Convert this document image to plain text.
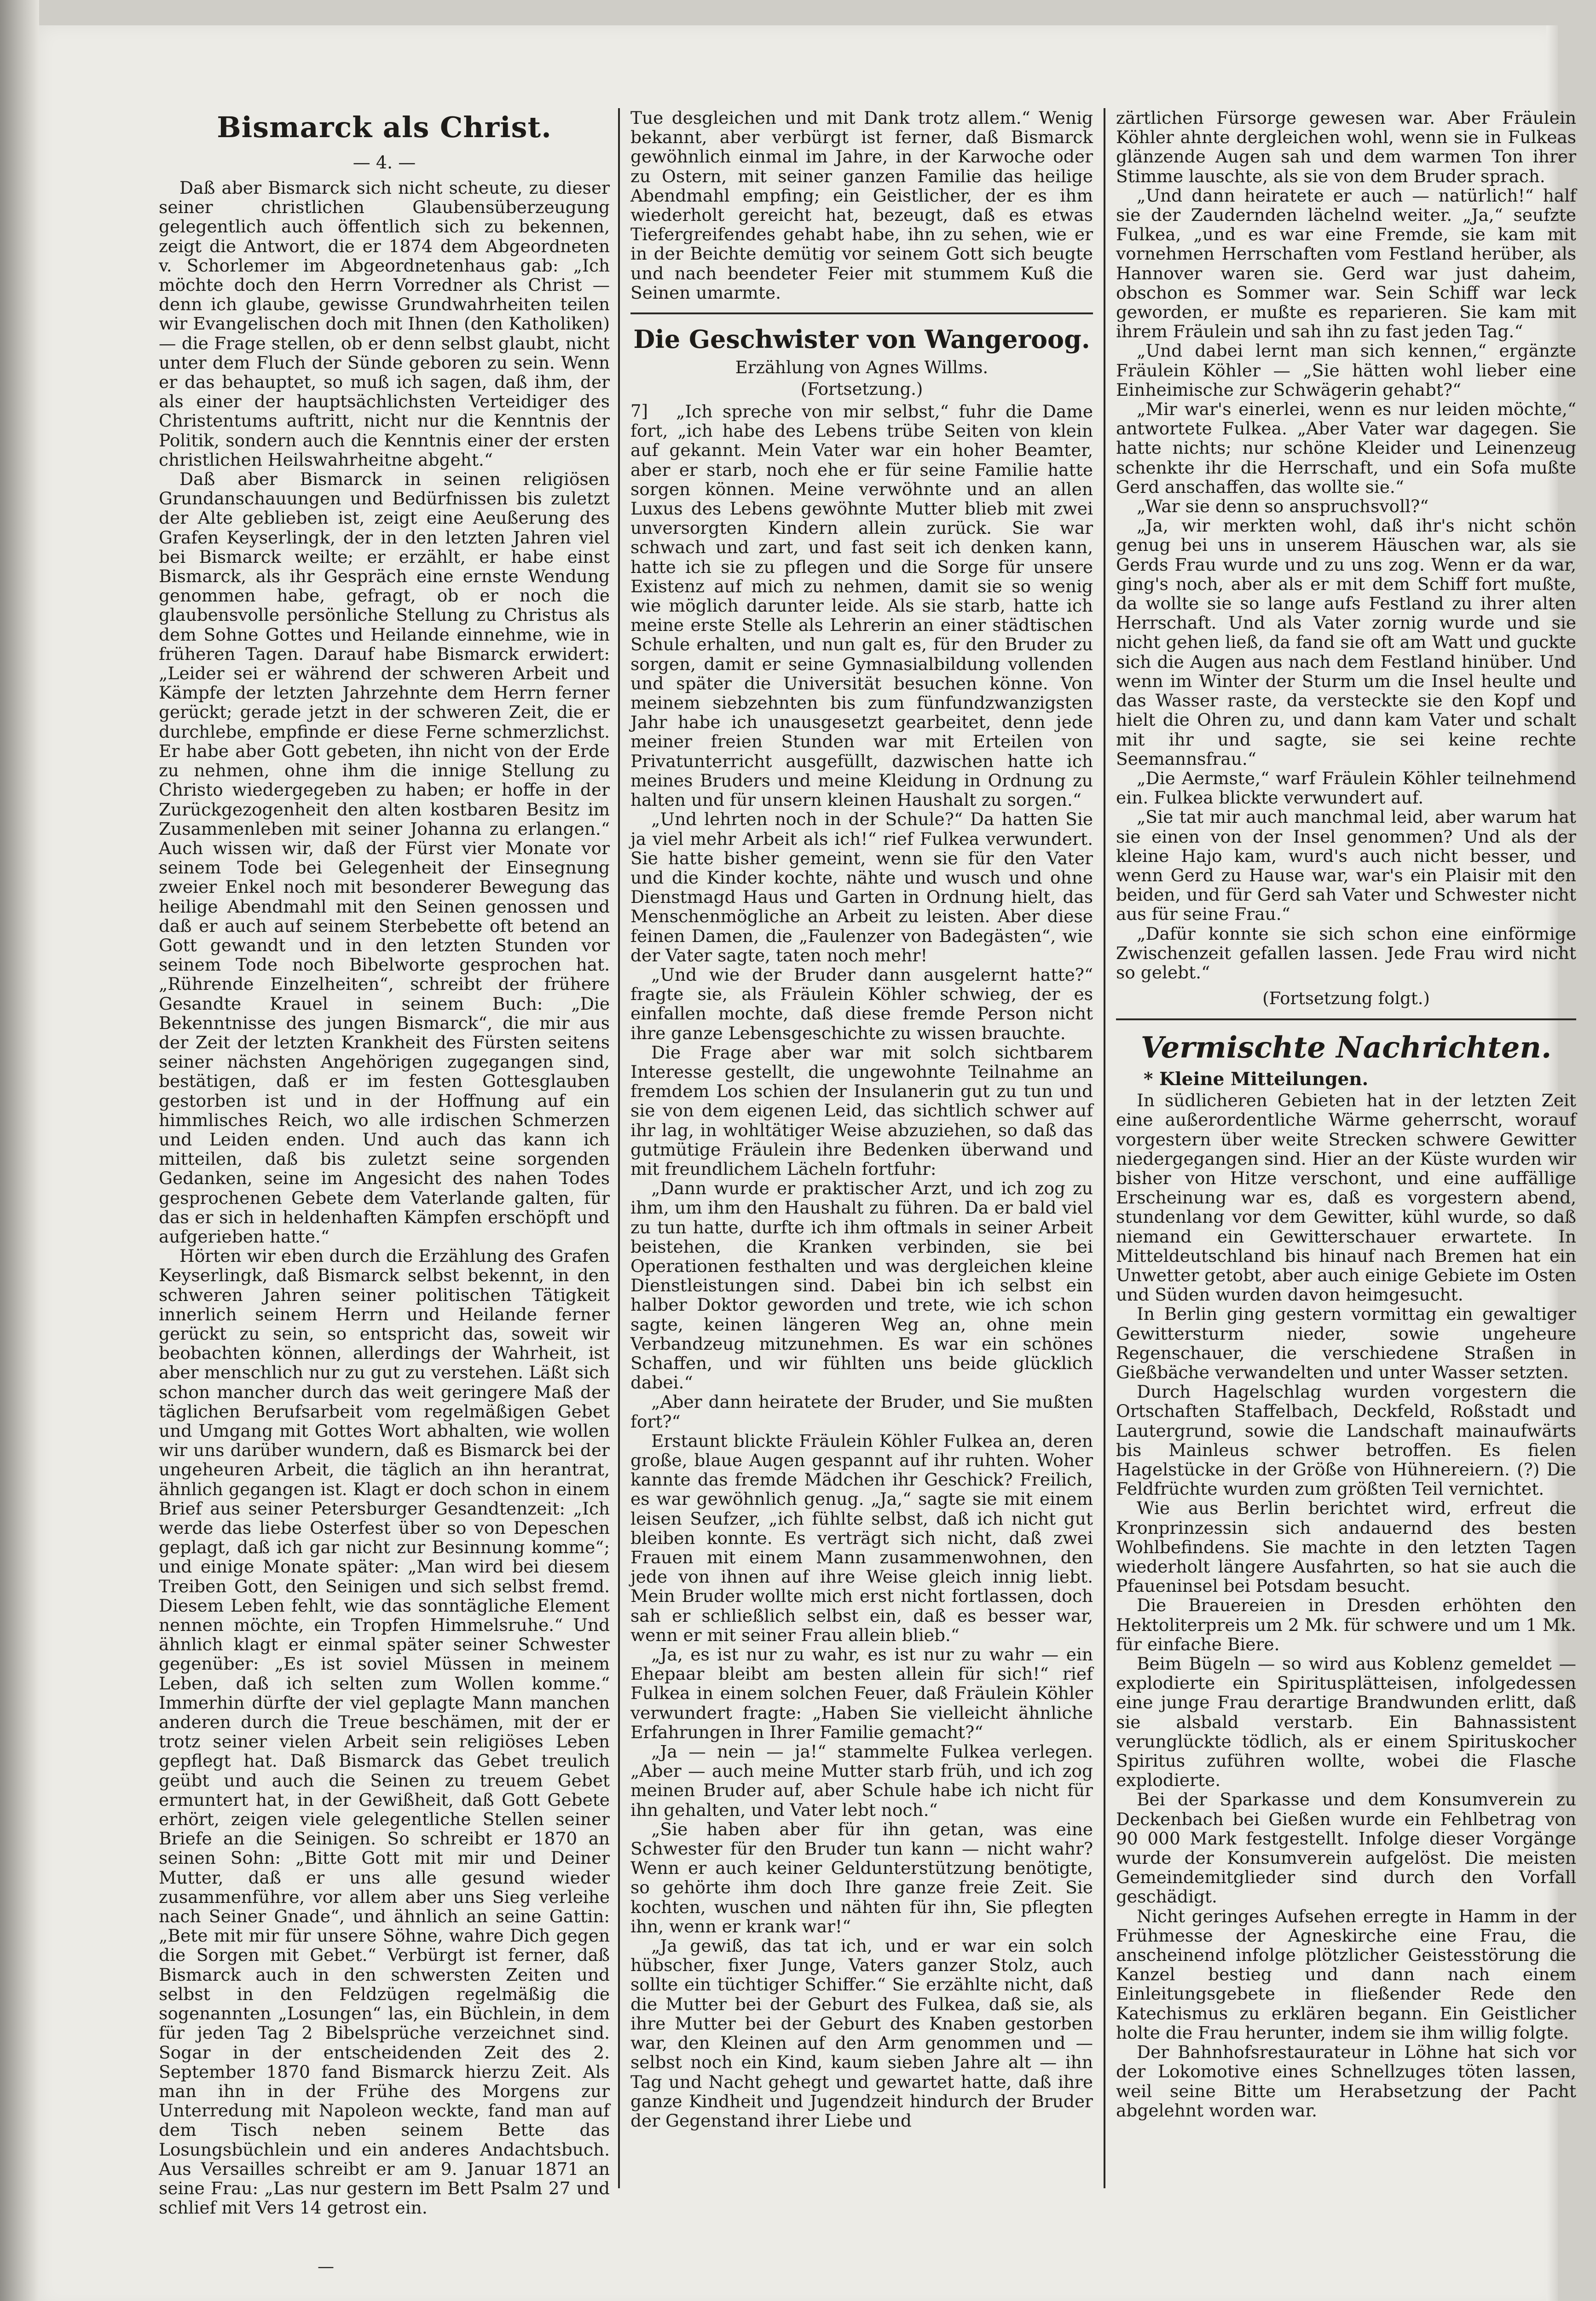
Bismarck als Christ.
— 4. —

Daß aber Bismarck sich nicht scheute, zu dieser seiner christlichen Glaubensüberzeugung gelegentlich auch öffentlich sich zu bekennen, zeigt die Antwort, die er 1874 dem Abgeordneten v. Schorlemer im Abgeordnetenhaus gab: „Ich möchte doch den Herrn Vorredner als Christ — denn ich glaube, gewisse Grundwahrheiten teilen wir Evangelischen doch mit Ihnen (den Katholiken) — die Frage stellen, ob er denn selbst glaubt, nicht unter dem Fluch der Sünde geboren zu sein. Wenn er das behauptet, so muß ich sagen, daß ihm, der als einer der hauptsächlichsten Verteidiger des Christentums auftritt, nicht nur die Kenntnis der Politik, sondern auch die Kenntnis einer der ersten christlichen Heilswahrheitne abgeht.“

Daß aber Bismarck in seinen religiösen Grundanschauungen und Bedürfnissen bis zuletzt der Alte geblieben ist, zeigt eine Aeußerung des Grafen Keyserlingk, der in den letzten Jahren viel bei Bismarck weilte; er erzählt, er habe einst Bismarck, als ihr Gespräch eine ernste Wendung genommen habe, gefragt, ob er noch die glaubensvolle persönliche Stellung zu Christus als dem Sohne Gottes und Heilande einnehme, wie in früheren Tagen. Darauf habe Bismarck erwidert: „Leider sei er während der schweren Arbeit und Kämpfe der letzten Jahrzehnte dem Herrn ferner gerückt; gerade jetzt in der schweren Zeit, die er durchlebe, empfinde er diese Ferne schmerzlichst. Er habe aber Gott gebeten, ihn nicht von der Erde zu nehmen, ohne ihm die innige Stellung zu Christo wiedergegeben zu haben; er hoffe in der Zurückgezogenheit den alten kostbaren Besitz im Zusammenleben mit seiner Johanna zu erlangen.“ Auch wissen wir, daß der Fürst vier Monate vor seinem Tode bei Gelegenheit der Einsegnung zweier Enkel noch mit besonderer Bewegung das heilige Abendmahl mit den Seinen genossen und daß er auch auf seinem Sterbebette oft betend an Gott gewandt und in den letzten Stunden vor seinem Tode noch Bibelworte gesprochen hat. „Rührende Einzelheiten“, schreibt der frühere Gesandte Krauel in seinem Buch: „Die Bekenntnisse des jungen Bismarck“, die mir aus der Zeit der letzten Krankheit des Fürsten seitens seiner nächsten Angehörigen zugegangen sind, bestätigen, daß er im festen Gottesglauben gestorben ist und in der Hoffnung auf ein himmlisches Reich, wo alle irdischen Schmerzen und Leiden enden. Und auch das kann ich mitteilen, daß bis zuletzt seine sorgenden Gedanken, seine im Angesicht des nahen Todes gesprochenen Gebete dem Vaterlande galten, für das er sich in heldenhaften Kämpfen erschöpft und aufgerieben hatte.“

Hörten wir eben durch die Erzählung des Grafen Keyserlingk, daß Bismarck selbst bekennt, in den schweren Jahren seiner politischen Tätigkeit innerlich seinem Herrn und Heilande ferner gerückt zu sein, so entspricht das, soweit wir beobachten können, allerdings der Wahrheit, ist aber menschlich nur zu gut zu verstehen. Läßt sich schon mancher durch das weit geringere Maß der täglichen Berufsarbeit vom regelmäßigen Gebet und Umgang mit Gottes Wort abhalten, wie wollen wir uns darüber wundern, daß es Bismarck bei der ungeheuren Arbeit, die täglich an ihn herantrat, ähnlich gegangen ist. Klagt er doch schon in einem Brief aus seiner Petersburger Gesandtenzeit: „Ich werde das liebe Osterfest über so von Depeschen geplagt, daß ich gar nicht zur Besinnung komme“; und einige Monate später: „Man wird bei diesem Treiben Gott, den Seinigen und sich selbst fremd. Diesem Leben fehlt, wie das sonntägliche Element nennen möchte, ein Tropfen Himmelsruhe.“ Und ähnlich klagt er einmal später seiner Schwester gegenüber: „Es ist soviel Müssen in meinem Leben, daß ich selten zum Wollen komme.“ Immerhin dürfte der viel geplagte Mann manchen anderen durch die Treue beschämen, mit der er trotz seiner vielen Arbeit sein religiöses Leben gepflegt hat. Daß Bismarck das Gebet treulich geübt und auch die Seinen zu treuem Gebet ermuntert hat, in der Gewißheit, daß Gott Gebete erhört, zeigen viele gelegentliche Stellen seiner Briefe an die Seinigen. So schreibt er 1870 an seinen Sohn: „Bitte Gott mit mir und Deiner Mutter, daß er uns alle gesund wieder zusammenführe, vor allem aber uns Sieg verleihe nach Seiner Gnade“, und ähnlich an seine Gattin: „Bete mit mir für unsere Söhne, wahre Dich gegen die Sorgen mit Gebet.“ Verbürgt ist ferner, daß Bismarck auch in den schwersten Zeiten und selbst in den Feldzügen regelmäßig die sogenannten „Losungen“ las, ein Büchlein, in dem für jeden Tag 2 Bibelsprüche verzeichnet sind. Sogar in der entscheidenden Zeit des 2. September 1870 fand Bismarck hierzu Zeit. Als man ihn in der Frühe des Morgens zur Unterredung mit Napoleon weckte, fand man auf dem Tisch neben seinem Bette das Losungsbüchlein und ein anderes Andachtsbuch. Aus Versailles schreibt er am 9. Januar 1871 an seine Frau: „Las nur gestern im Bett Psalm 27 und schlief mit Vers 14 getrost ein.

—

Tue desgleichen und mit Dank trotz allem.“ Wenig bekannt, aber verbürgt ist ferner, daß Bismarck gewöhnlich einmal im Jahre, in der Karwoche oder zu Ostern, mit seiner ganzen Familie das heilige Abendmahl empfing; ein Geistlicher, der es ihm wiederholt gereicht hat, bezeugt, daß es etwas Tiefergreifendes gehabt habe, ihn zu sehen, wie er in der Beichte demütig vor seinem Gott sich beugte und nach beendeter Feier mit stummem Kuß die Seinen umarmte.

Die Geschwister von Wangeroog.
Erzählung von Agnes Willms.
(Fortsetzung.)
7]	„Ich spreche von mir selbst,“ fuhr die Dame fort, „ich habe des Lebens trübe Seiten von klein auf gekannt. Mein Vater war ein hoher Beamter, aber er starb, noch ehe er für seine Familie hatte sorgen können. Meine verwöhnte und an allen Luxus des Lebens gewöhnte Mutter blieb mit zwei unversorgten Kindern allein zurück. Sie war schwach und zart, und fast seit ich denken kann, hatte ich sie zu pflegen und die Sorge für unsere Existenz auf mich zu nehmen, damit sie so wenig wie möglich darunter leide. Als sie starb, hatte ich meine erste Stelle als Lehrerin an einer städtischen Schule erhalten, und nun galt es, für den Bruder zu sorgen, damit er seine Gymnasialbildung vollenden und später die Universität besuchen könne. Von meinem siebzehnten bis zum fünfundzwanzigsten Jahr habe ich unausgesetzt gearbeitet, denn jede meiner freien Stunden war mit Erteilen von Privatunterricht ausgefüllt, dazwischen hatte ich meines Bruders und meine Kleidung in Ordnung zu halten und für unsern kleinen Haushalt zu sorgen.“

„Und lehrten noch in der Schule?“ Da hatten Sie ja viel mehr Arbeit als ich!“ rief Fulkea verwundert. Sie hatte bisher gemeint, wenn sie für den Vater und die Kinder kochte, nähte und wusch und ohne Dienstmagd Haus und Garten in Ordnung hielt, das Menschenmögliche an Arbeit zu leisten. Aber diese feinen Damen, die „Faulenzer von Badegästen“, wie der Vater sagte, taten noch mehr!

„Und wie der Bruder dann ausgelernt hatte?“ fragte sie, als Fräulein Köhler schwieg, der es einfallen mochte, daß diese fremde Person nicht ihre ganze Lebensgeschichte zu wissen brauchte.

Die Frage aber war mit solch sichtbarem Interesse gestellt, die ungewohnte Teilnahme an fremdem Los schien der Insulanerin gut zu tun und sie von dem eigenen Leid, das sichtlich schwer auf ihr lag, in wohltätiger Weise abzuziehen, so daß das gutmütige Fräulein ihre Bedenken überwand und mit freundlichem Lächeln fortfuhr:

„Dann wurde er praktischer Arzt, und ich zog zu ihm, um ihm den Haushalt zu führen. Da er bald viel zu tun hatte, durfte ich ihm oftmals in seiner Arbeit beistehen, die Kranken verbinden, sie bei Operationen festhalten und was dergleichen kleine Dienstleistungen sind. Dabei bin ich selbst ein halber Doktor geworden und trete, wie ich schon sagte, keinen längeren Weg an, ohne mein Verbandzeug mitzunehmen. Es war ein schönes Schaffen, und wir fühlten uns beide glücklich dabei.“

„Aber dann heiratete der Bruder, und Sie mußten fort?“

Erstaunt blickte Fräulein Köhler Fulkea an, deren große, blaue Augen gespannt auf ihr ruhten. Woher kannte das fremde Mädchen ihr Geschick? Freilich, es war gewöhnlich genug. „Ja,“ sagte sie mit einem leisen Seufzer, „ich fühlte selbst, daß ich nicht gut bleiben konnte. Es verträgt sich nicht, daß zwei Frauen mit einem Mann zusammenwohnen, den jede von ihnen auf ihre Weise gleich innig liebt. Mein Bruder wollte mich erst nicht fortlassen, doch sah er schließlich selbst ein, daß es besser war, wenn er mit seiner Frau allein blieb.“

„Ja, es ist nur zu wahr, es ist nur zu wahr — ein Ehepaar bleibt am besten allein für sich!“ rief Fulkea in einem solchen Feuer, daß Fräulein Köhler verwundert fragte: „Haben Sie vielleicht ähnliche Erfahrungen in Ihrer Familie gemacht?“

„Ja — nein — ja!“ stammelte Fulkea verlegen. „Aber — auch meine Mutter starb früh, und ich zog meinen Bruder auf, aber Schule habe ich nicht für ihn gehalten, und Vater lebt noch.“

„Sie haben aber für ihn getan, was eine Schwester für den Bruder tun kann — nicht wahr? Wenn er auch keiner Geldunterstützung benötigte, so gehörte ihm doch Ihre ganze freie Zeit. Sie kochten, wuschen und nähten für ihn, Sie pflegten ihn, wenn er krank war!“

„Ja gewiß, das tat ich, und er war ein solch hübscher, fixer Junge, Vaters ganzer Stolz, auch sollte ein tüchtiger Schiffer.“ Sie erzählte nicht, daß die Mutter bei der Geburt des Fulkea, daß sie, als ihre Mutter bei der Geburt des Knaben gestorben war, den Kleinen auf den Arm genommen und — selbst noch ein Kind, kaum sieben Jahre alt — ihn Tag und Nacht gehegt und gewartet hatte, daß ihre ganze Kindheit und Jugendzeit hindurch der Bruder der Gegenstand ihrer Liebe und

zärtlichen Fürsorge gewesen war. Aber Fräulein Köhler ahnte dergleichen wohl, wenn sie in Fulkeas glänzende Augen sah und dem warmen Ton ihrer Stimme lauschte, als sie von dem Bruder sprach.

„Und dann heiratete er auch — natürlich!“ half sie der Zaudernden lächelnd weiter. „Ja,“ seufzte Fulkea, „und es war eine Fremde, sie kam mit vornehmen Herrschaften vom Festland herüber, als Hannover waren sie. Gerd war just daheim, obschon es Sommer war. Sein Schiff war leck geworden, er mußte es reparieren. Sie kam mit ihrem Fräulein und sah ihn zu fast jeden Tag.“

„Und dabei lernt man sich kennen,“ ergänzte Fräulein Köhler — „Sie hätten wohl lieber eine Einheimische zur Schwägerin gehabt?“

„Mir war's einerlei, wenn es nur leiden möchte,“ antwortete Fulkea. „Aber Vater war dagegen. Sie hatte nichts; nur schöne Kleider und Leinenzeug schenkte ihr die Herrschaft, und ein Sofa mußte Gerd anschaffen, das wollte sie.“

„War sie denn so anspruchsvoll?“

„Ja, wir merkten wohl, daß ihr's nicht schön genug bei uns in unserem Häuschen war, als sie Gerds Frau wurde und zu uns zog. Wenn er da war, ging's noch, aber als er mit dem Schiff fort mußte, da wollte sie so lange aufs Festland zu ihrer alten Herrschaft. Und als Vater zornig wurde und sie nicht gehen ließ, da fand sie oft am Watt und guckte sich die Augen aus nach dem Festland hinüber. Und wenn im Winter der Sturm um die Insel heulte und das Wasser raste, da versteckte sie den Kopf und hielt die Ohren zu, und dann kam Vater und schalt mit ihr und sagte, sie sei keine rechte Seemannsfrau.“

„Die Aermste,“ warf Fräulein Köhler teilnehmend ein. Fulkea blickte verwundert auf.

„Sie tat mir auch manchmal leid, aber warum hat sie einen von der Insel genommen? Und als der kleine Hajo kam, wurd's auch nicht besser, und wenn Gerd zu Hause war, war's ein Plaisir mit den beiden, und für Gerd sah Vater und Schwester nicht aus für seine Frau.“

„Dafür konnte sie sich schon eine einförmige Zwischenzeit gefallen lassen. Jede Frau wird nicht so gelebt.“

(Fortsetzung folgt.)
Vermischte Nachrichten.
* Kleine Mitteilungen.

In südlicheren Gebieten hat in der letzten Zeit eine außerordentliche Wärme geherrscht, worauf vorgestern über weite Strecken schwere Gewitter niedergegangen sind. Hier an der Küste wurden wir bisher von Hitze verschont, und eine auffällige Erscheinung war es, daß es vorgestern abend, stundenlang vor dem Gewitter, kühl wurde, so daß niemand ein Gewitterschauer erwartete. In Mitteldeutschland bis hinauf nach Bremen hat ein Unwetter getobt, aber auch einige Gebiete im Osten und Süden wurden davon heimgesucht.

In Berlin ging gestern vormittag ein gewaltiger Gewittersturm nieder, sowie ungeheure Regenschauer, die verschiedene Straßen in Gießbäche verwandelten und unter Wasser setzten.

Durch Hagelschlag wurden vorgestern die Ortschaften Staffelbach, Deckfeld, Roßstadt und Lautergrund, sowie die Landschaft mainaufwärts bis Mainleus schwer betroffen. Es fielen Hagelstücke in der Größe von Hühnereiern. (?) Die Feldfrüchte wurden zum größten Teil vernichtet.

Wie aus Berlin berichtet wird, erfreut die Kronprinzessin sich andauernd des besten Wohlbefindens. Sie machte in den letzten Tagen wiederholt längere Ausfahrten, so hat sie auch die Pfaueninsel bei Potsdam besucht.

Die Brauereien in Dresden erhöhten den Hektoliterpreis um 2 Mk. für schwere und um 1 Mk. für einfache Biere.

Beim Bügeln — so wird aus Koblenz gemeldet — explodierte ein Spiritusplätteisen, infolgedessen eine junge Frau derartige Brandwunden erlitt, daß sie alsbald verstarb. Ein Bahnassistent verunglückte tödlich, als er einem Spirituskocher Spiritus zuführen wollte, wobei die Flasche explodierte.

Bei der Sparkasse und dem Konsumverein zu Deckenbach bei Gießen wurde ein Fehlbetrag von 90 000 Mark festgestellt. Infolge dieser Vorgänge wurde der Konsumverein aufgelöst. Die meisten Gemeindemitglieder sind durch den Vorfall geschädigt.

Nicht geringes Aufsehen erregte in Hamm in der Frühmesse der Agneskirche eine Frau, die anscheinend infolge plötzlicher Geistesstörung die Kanzel bestieg und dann nach einem Einleitungsgebete in fließender Rede den Katechismus zu erklären begann. Ein Geistlicher holte die Frau herunter, indem sie ihm willig folgte.

Der Bahnhofsrestaurateur in Löhne hat sich vor der Lokomotive eines Schnellzuges töten lassen, weil seine Bitte um Herabsetzung der Pacht abgelehnt worden war.
